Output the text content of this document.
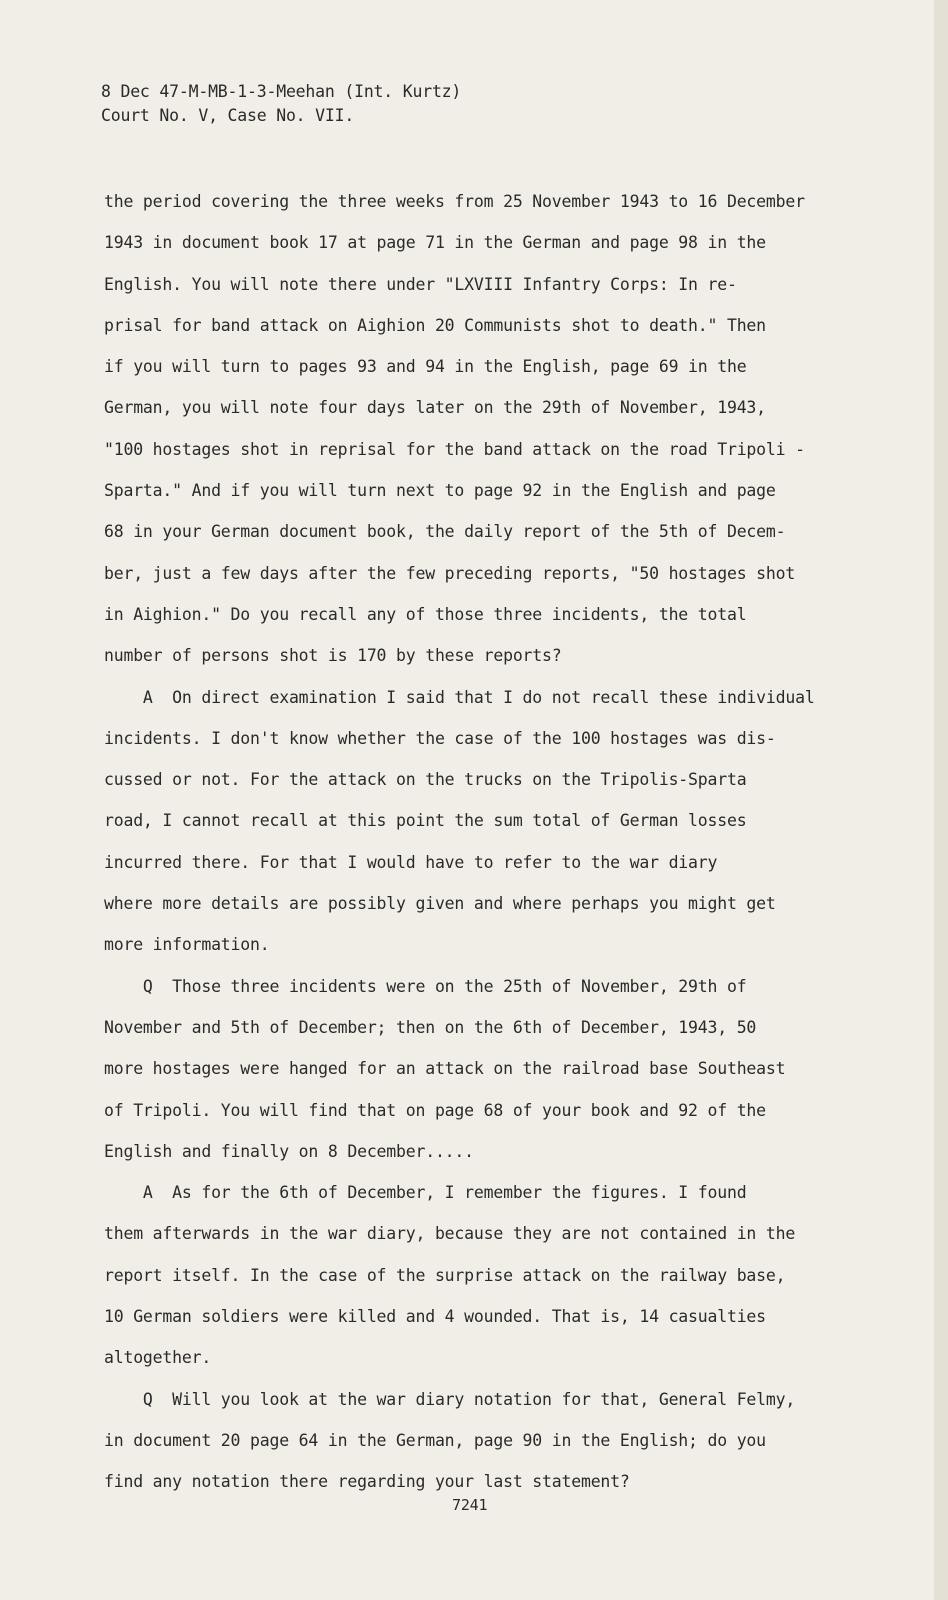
8 Dec 47-M-MB-1-3-Meehan (Int. Kurtz)
Court No. V, Case No. VII.
the period covering the three weeks from 25 November 1943 to 16 December
1943 in document book 17 at page 71 in the German and page 98 in the
English. You will note there under "LXVIII Infantry Corps: In re-
prisal for band attack on Aighion 20 Communists shot to death." Then
if you will turn to pages 93 and 94 in the English, page 69 in the
German, you will note four days later on the 29th of November, 1943,
"100 hostages shot in reprisal for the band attack on the road Tripoli -
Sparta." And if you will turn next to page 92 in the English and page
68 in your German document book, the daily report of the 5th of Decem-
ber, just a few days after the few preceding reports, "50 hostages shot
in Aighion." Do you recall any of those three incidents, the total
number of persons shot is 170 by these reports?
A  On direct examination I said that I do not recall these individual
incidents. I don't know whether the case of the 100 hostages was dis-
cussed or not. For the attack on the trucks on the Tripolis-Sparta
road, I cannot recall at this point the sum total of German losses
incurred there. For that I would have to refer to the war diary
where more details are possibly given and where perhaps you might get
more information.
Q  Those three incidents were on the 25th of November, 29th of
November and 5th of December; then on the 6th of December, 1943, 50
more hostages were hanged for an attack on the railroad base Southeast
of Tripoli. You will find that on page 68 of your book and 92 of the
English and finally on 8 December.....
A  As for the 6th of December, I remember the figures. I found
them afterwards in the war diary, because they are not contained in the
report itself. In the case of the surprise attack on the railway base,
10 German soldiers were killed and 4 wounded. That is, 14 casualties
altogether.
Q  Will you look at the war diary notation for that, General Felmy,
in document 20 page 64 in the German, page 90 in the English; do you
find any notation there regarding your last statement?
7241
